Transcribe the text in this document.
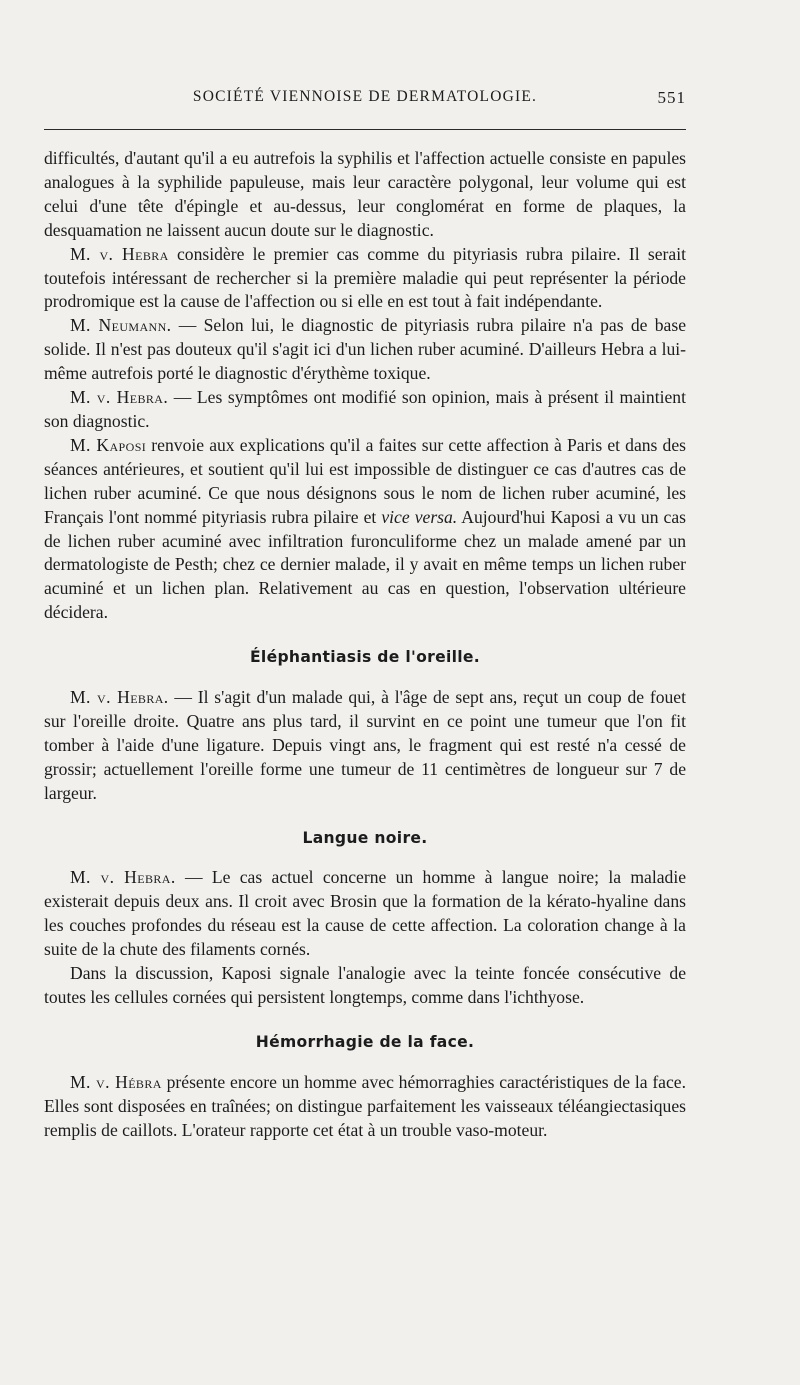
SOCIÉTÉ VIENNOISE DE DERMATOLOGIE.	551

difficultés, d'autant qu'il a eu autrefois la syphilis et l'affection actuelle consiste en papules analogues à la syphilide papuleuse, mais leur caractère polygonal, leur volume qui est celui d'une tête d'épingle et au-dessus, leur conglomérat en forme de plaques, la desquamation ne laissent aucun doute sur le diagnostic.

M. v. Hebra considère le premier cas comme du pityriasis rubra pilaire. Il serait toutefois intéressant de rechercher si la première maladie qui peut représenter la période prodromique est la cause de l'affection ou si elle en est tout à fait indépendante.

M. Neumann. — Selon lui, le diagnostic de pityriasis rubra pilaire n'a pas de base solide. Il n'est pas douteux qu'il s'agit ici d'un lichen ruber acuminé. D'ailleurs Hebra a lui-même autrefois porté le diagnostic d'érythème toxique.

M. v. Hebra. — Les symptômes ont modifié son opinion, mais à présent il maintient son diagnostic.

M. Kaposi renvoie aux explications qu'il a faites sur cette affection à Paris et dans des séances antérieures, et soutient qu'il lui est impossible de distinguer ce cas d'autres cas de lichen ruber acuminé. Ce que nous désignons sous le nom de lichen ruber acuminé, les Français l'ont nommé pityriasis rubra pilaire et vice versa. Aujourd'hui Kaposi a vu un cas de lichen ruber acuminé avec infiltration furonculiforme chez un malade amené par un dermatologiste de Pesth; chez ce dernier malade, il y avait en même temps un lichen ruber acuminé et un lichen plan. Relativement au cas en question, l'observation ultérieure décidera.

Éléphantiasis de l'oreille.

M. v. Hebra. — Il s'agit d'un malade qui, à l'âge de sept ans, reçut un coup de fouet sur l'oreille droite. Quatre ans plus tard, il survint en ce point une tumeur que l'on fit tomber à l'aide d'une ligature. Depuis vingt ans, le fragment qui est resté n'a cessé de grossir; actuellement l'oreille forme une tumeur de 11 centimètres de longueur sur 7 de largeur.

Langue noire.

M. v. Hebra. — Le cas actuel concerne un homme à langue noire; la maladie existerait depuis deux ans. Il croit avec Brosin que la formation de la kérato-hyaline dans les couches profondes du réseau est la cause de cette affection. La coloration change à la suite de la chute des filaments cornés.

Dans la discussion, Kaposi signale l'analogie avec la teinte foncée consécutive de toutes les cellules cornées qui persistent longtemps, comme dans l'ichthyose.

Hémorrhagie de la face.

M. v. Hébra présente encore un homme avec hémorraghies caractéristiques de la face. Elles sont disposées en traînées; on distingue parfaitement les vaisseaux téléangiectasiques remplis de caillots. L'orateur rapporte cet état à un trouble vaso-moteur.
